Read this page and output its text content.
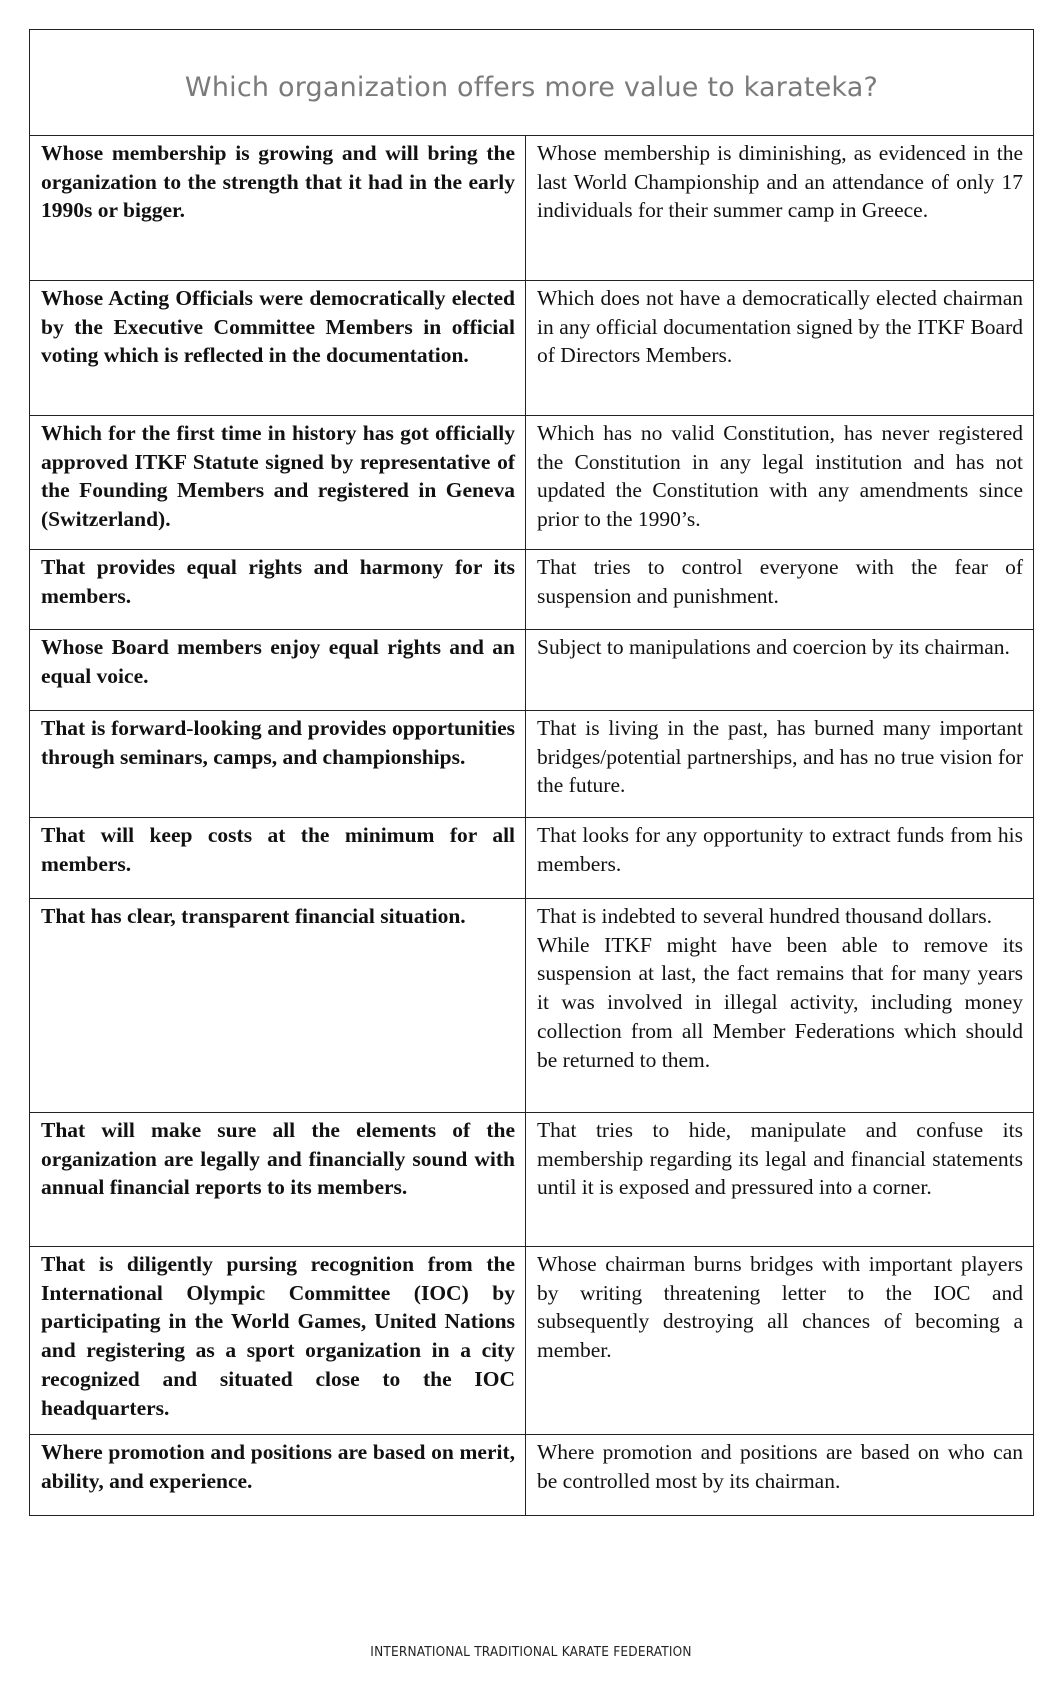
Which organization offers more value to karateka?
Whose membership is growing and will bring the organization to the strength that it had in the early 1990s or bigger.
Whose membership is diminishing, as evidenced in the last World Championship and an attendance of only 17 individuals for their summer camp in Greece.
Whose Acting Officials were democratically elected by the Executive Committee Members in official voting which is reflected in the documentation.
Which does not have a democratically elected chairman in any official documentation signed by the ITKF Board of Directors Members.
Which for the first time in history has got officially approved ITKF Statute signed by representative of the Founding Members and registered in Geneva (Switzerland).
Which has no valid Constitution, has never registered the Constitution in any legal institution and has not updated the Constitution with any amendments since prior to the 1990’s.
That provides equal rights and harmony for its members.
That tries to control everyone with the fear of suspension and punishment.
Whose Board members enjoy equal rights and an equal voice.
Subject to manipulations and coercion by its chairman.
That is forward-looking and provides opportunities through seminars, camps, and championships.
That is living in the past, has burned many important bridges/potential partnerships, and has no true vision for the future.
That will keep costs at the minimum for all members.
That looks for any opportunity to extract funds from his members.
That has clear, transparent financial situation.	That is indebted to several hundred thousand dollars.
While ITKF might have been able to remove its suspension at last, the fact remains that for many years it was involved in illegal activity, including money collection from all Member Federations which should be returned to them.
That will make sure all the elements of the organization are legally and financially sound with annual financial reports to its members.
That tries to hide, manipulate and confuse its membership regarding its legal and financial statements until it is exposed and pressured into a corner.
That is diligently pursing recognition from the International Olympic Committee (IOC) by participating in the World Games, United Nations and registering as a sport organization in a city recognized and situated close to the IOC headquarters.
Whose chairman burns bridges with important players by writing threatening letter to the IOC and subsequently destroying all chances of becoming a member.
Where promotion and positions are based on merit, ability, and experience.
Where promotion and positions are based on who can be controlled most by its chairman.
INTERNATIONAL TRADITIONAL KARATE FEDERATION
